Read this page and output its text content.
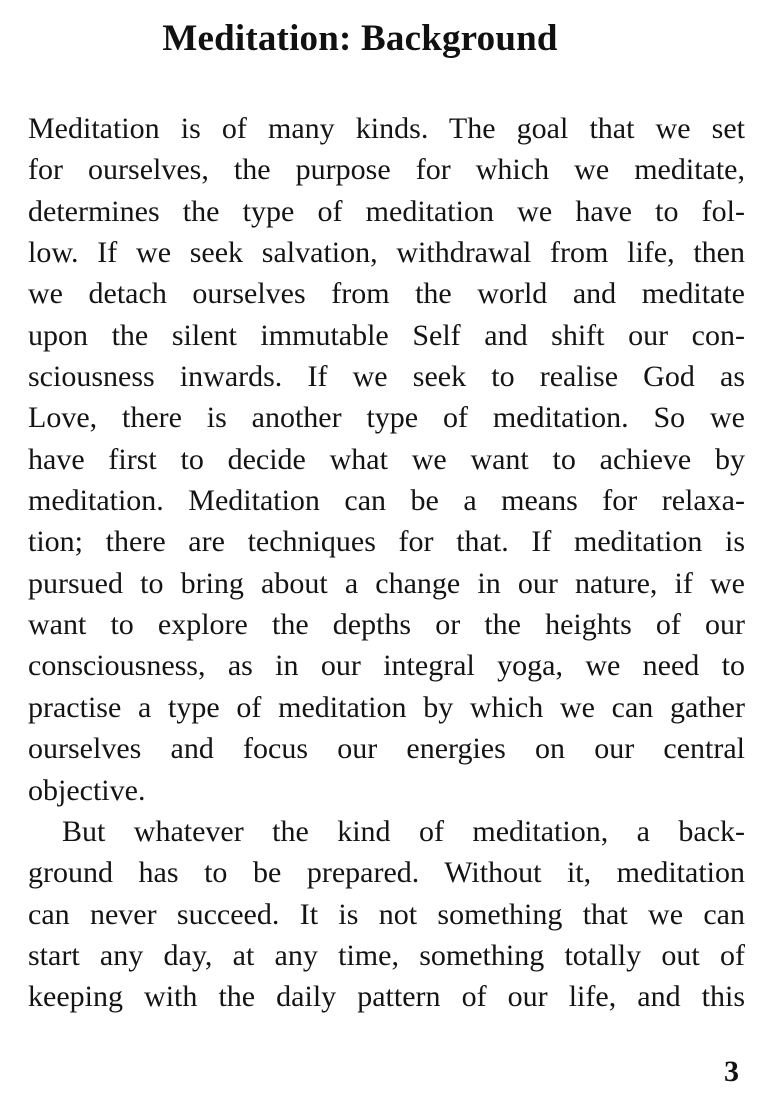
Meditation: Background
Meditation is of many kinds. The goal that we set
for ourselves, the purpose for which we meditate,
determines the type of meditation we have to fol-
low. If we seek salvation, withdrawal from life, then
we detach ourselves from the world and meditate
upon the silent immutable Self and shift our con-
sciousness inwards. If we seek to realise God as
Love, there is another type of meditation. So we
have first to decide what we want to achieve by
meditation. Meditation can be a means for relaxa-
tion; there are techniques for that. If meditation is
pursued to bring about a change in our nature, if we
want to explore the depths or the heights of our
consciousness, as in our integral yoga, we need to
practise a type of meditation by which we can gather
ourselves and focus our energies on our central
objective.
But whatever the kind of meditation, a back-
ground has to be prepared. Without it, meditation
can never succeed. It is not something that we can
start any day, at any time, something totally out of
keeping with the daily pattern of our life, and this
3
